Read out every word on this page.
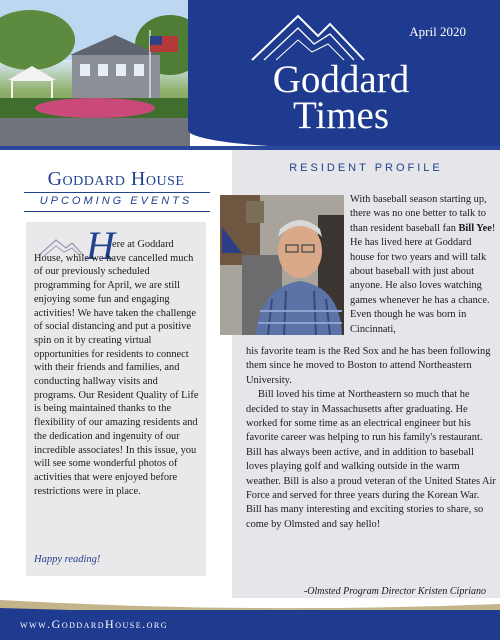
April 2020
Goddard
Times
Goddard House
UPCOMING EVENTS
H
ere at Goddard
House, while we have cancelled much of our previously scheduled programming for April, we are still enjoying some fun and engaging activities! We have taken the challenge of social distancing and put a positive spin on it by creating virtual opportunities for residents to connect with their friends and families, and conducting hallway visits and programs. Our Resident Quality of Life is being maintained thanks to the flexibility of our amazing residents and the dedication and ingenuity of our incredible associates! In this issue, you will see some wonderful photos of activities that were enjoyed before restrictions were in place.
Happy reading!
RESIDENT PROFILE
With baseball season starting up, there was no one better to talk to than resident baseball fan Bill Yee! He has lived here at Goddard house for two years and will talk about baseball with just about anyone. He also loves watching games whenever he has a chance. Even though he was born in Cincinnati,
his favorite team is the Red Sox and he has been following them since he moved to Boston to attend Northeastern University.
Bill loved his time at Northeastern so much that he decided to stay in Massachusetts after graduating. He worked for some time as an electrical engineer but his favorite career was helping to run his family's restaurant. Bill has always been active, and in addition to baseball loves playing golf and walking outside in the warm weather. Bill is also a proud veteran of the United States Air Force and served for three years during the Korean War. Bill has many interesting and exciting stories to share, so come by Olmsted and say hello!
-Olmsted Program Director Kristen Cipriano
www.GoddardHouse.org
